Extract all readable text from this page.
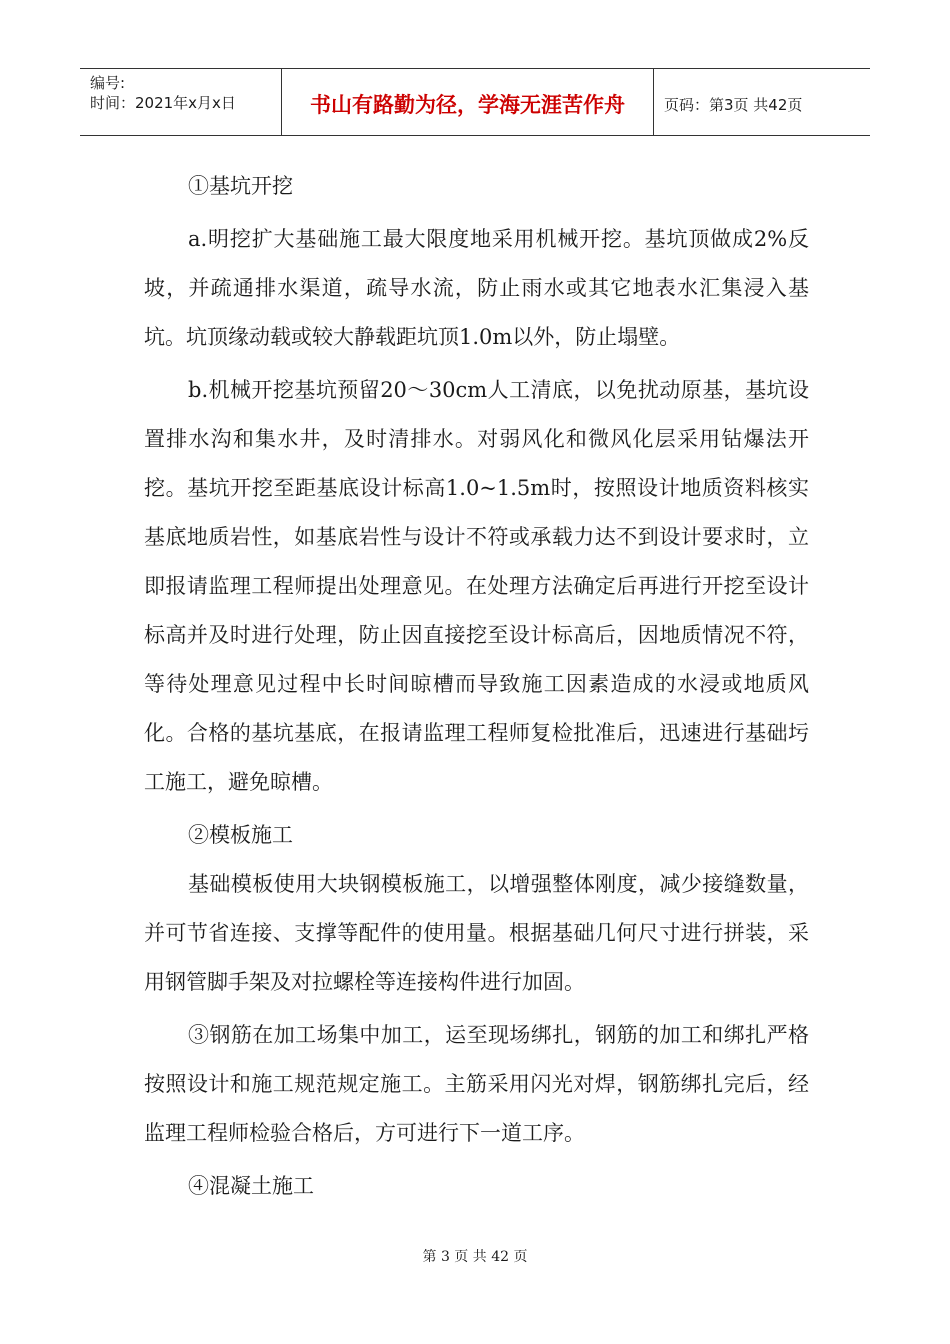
编号:
时间：2021年x月x日	书山有路勤为径，学海无涯苦作舟	页码：第3页 共42页

①基坑开挖

a.明挖扩大基础施工最大限度地采用机械开挖。基坑顶做成2%反坡，并疏通排水渠道，疏导水流，防止雨水或其它地表水汇集浸入基坑。坑顶缘动载或较大静载距坑顶1.0m以外，防止塌壁。

b.机械开挖基坑预留20～30cm人工清底，以免扰动原基，基坑设置排水沟和集水井，及时清排水。对弱风化和微风化层采用钻爆法开挖。基坑开挖至距基底设计标高1.0~1.5m时，按照设计地质资料核实基底地质岩性，如基底岩性与设计不符或承载力达不到设计要求时，立即报请监理工程师提出处理意见。在处理方法确定后再进行开挖至设计标高并及时进行处理，防止因直接挖至设计标高后，因地质情况不符，等待处理意见过程中长时间晾槽而导致施工因素造成的水浸或地质风化。合格的基坑基底，在报请监理工程师复检批准后，迅速进行基础圬工施工，避免晾槽。

②模板施工

基础模板使用大块钢模板施工，以增强整体刚度，减少接缝数量，并可节省连接、支撑等配件的使用量。根据基础几何尺寸进行拼装，采用钢管脚手架及对拉螺栓等连接构件进行加固。

③钢筋在加工场集中加工，运至现场绑扎，钢筋的加工和绑扎严格按照设计和施工规范规定施工。主筋采用闪光对焊，钢筋绑扎完后，经监理工程师检验合格后，方可进行下一道工序。

④混凝土施工

第 3 页 共 42 页
